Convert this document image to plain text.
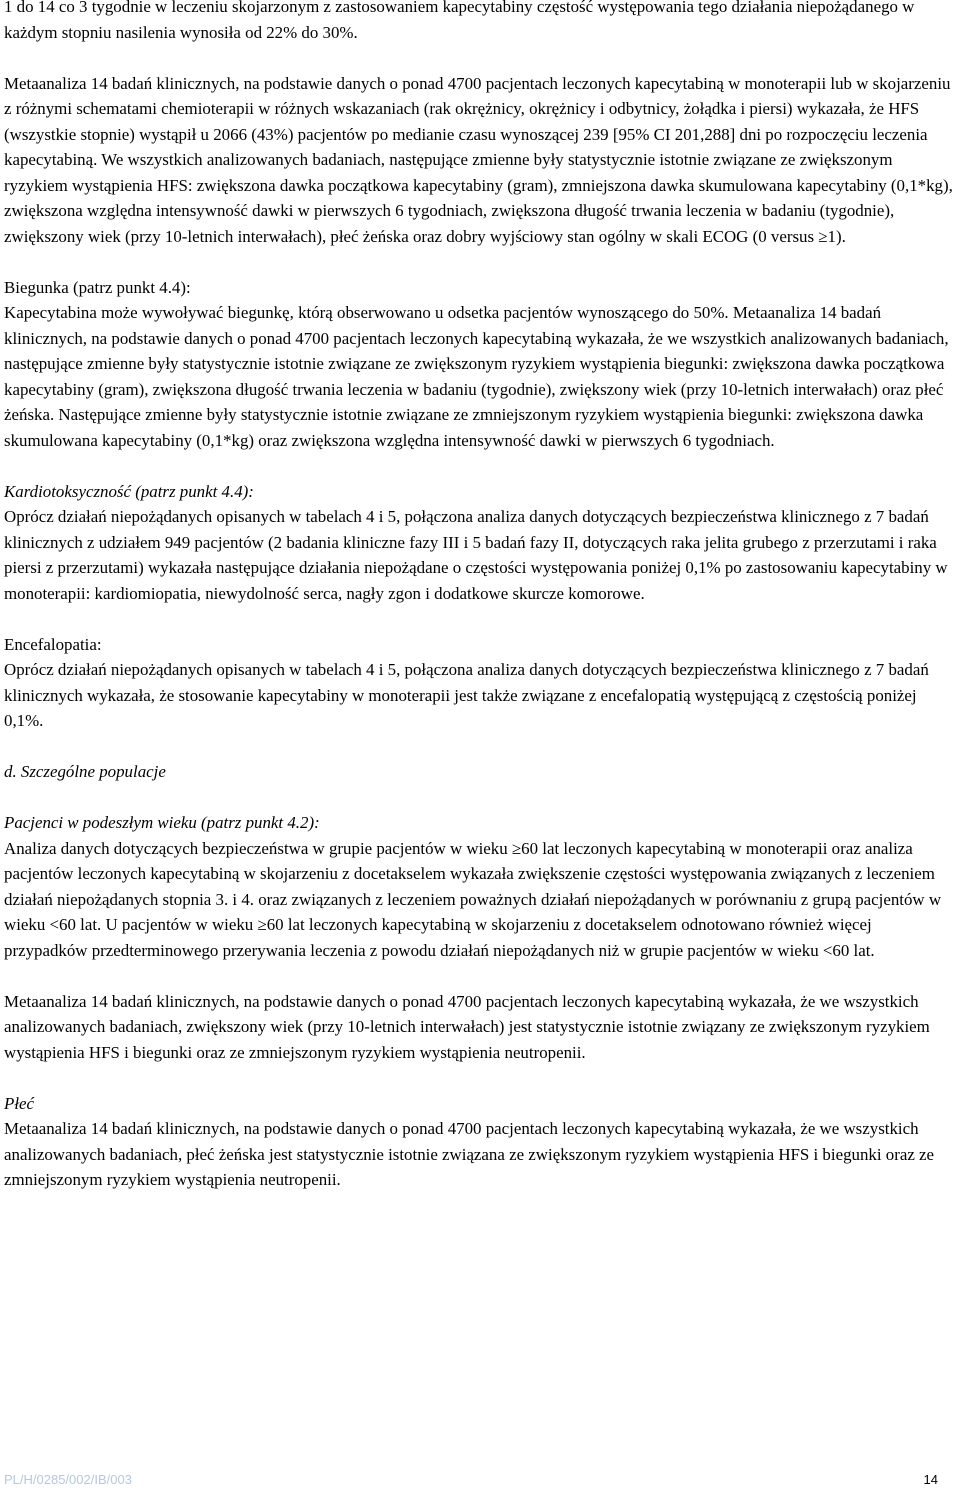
1 do 14 co 3 tygodnie w leczeniu skojarzonym z zastosowaniem kapecytabiny częstość występowania tego działania niepożądanego w każdym stopniu nasilenia wynosiła od 22% do 30%.

Metaanaliza 14 badań klinicznych, na podstawie danych o ponad 4700 pacjentach leczonych kapecytabiną w monoterapii lub w skojarzeniu z różnymi schematami chemioterapii w różnych wskazaniach (rak okrężnicy, okrężnicy i odbytnicy, żołądka i piersi) wykazała, że HFS (wszystkie stopnie) wystąpił u 2066 (43%) pacjentów po medianie czasu wynoszącej 239 [95% CI 201,288] dni po rozpoczęciu leczenia kapecytabiną. We wszystkich analizowanych badaniach, następujące zmienne były statystycznie istotnie związane ze zwiększonym ryzykiem wystąpienia HFS: zwiększona dawka początkowa kapecytabiny (gram), zmniejszona dawka skumulowana kapecytabiny (0,1*kg), zwiększona względna intensywność dawki w pierwszych 6 tygodniach, zwiększona długość trwania leczenia w badaniu (tygodnie), zwiększony wiek (przy 10-letnich interwałach), płeć żeńska oraz dobry wyjściowy stan ogólny w skali ECOG (0 versus ≥1).

Biegunka (patrz punkt 4.4):
Kapecytabina może wywoływać biegunkę, którą obserwowano u odsetka pacjentów wynoszącego do 50%. Metaanaliza 14 badań klinicznych, na podstawie danych o ponad 4700 pacjentach leczonych kapecytabiną wykazała, że we wszystkich analizowanych badaniach, następujące zmienne były statystycznie istotnie związane ze zwiększonym ryzykiem wystąpienia biegunki: zwiększona dawka początkowa kapecytabiny (gram), zwiększona długość trwania leczenia w badaniu (tygodnie), zwiększony wiek (przy 10-letnich interwałach) oraz płeć żeńska. Następujące zmienne były statystycznie istotnie związane ze zmniejszonym ryzykiem wystąpienia biegunki: zwiększona dawka skumulowana kapecytabiny (0,1*kg) oraz zwiększona względna intensywność dawki w pierwszych 6 tygodniach.

Kardiotoksyczność (patrz punkt 4.4):
Oprócz działań niepożądanych opisanych w tabelach 4 i 5, połączona analiza danych dotyczących bezpieczeństwa klinicznego z 7 badań klinicznych z udziałem 949 pacjentów (2 badania kliniczne fazy III i 5 badań fazy II, dotyczących raka jelita grubego z przerzutami i raka piersi z przerzutami) wykazała następujące działania niepożądane o częstości występowania poniżej 0,1% po zastosowaniu kapecytabiny w monoterapii: kardiomiopatia, niewydolność serca, nagły zgon i dodatkowe skurcze komorowe.

Encefalopatia:
Oprócz działań niepożądanych opisanych w tabelach 4 i 5, połączona analiza danych dotyczących bezpieczeństwa klinicznego z 7 badań klinicznych wykazała, że stosowanie kapecytabiny w monoterapii jest także związane z encefalopatią występującą z częstością poniżej 0,1%.

d. Szczególne populacje

Pacjenci w podeszłym wieku (patrz punkt 4.2):
Analiza danych dotyczących bezpieczeństwa w grupie pacjentów w wieku ≥60 lat leczonych kapecytabiną w monoterapii oraz analiza pacjentów leczonych kapecytabiną w skojarzeniu z docetakselem wykazała zwiększenie częstości występowania związanych z leczeniem działań niepożądanych stopnia 3. i 4. oraz związanych z leczeniem poważnych działań niepożądanych w porównaniu z grupą pacjentów w wieku <60 lat. U pacjentów w wieku ≥60 lat leczonych kapecytabiną w skojarzeniu z docetakselem odnotowano również więcej przypadków przedterminowego przerywania leczenia z powodu działań niepożądanych niż w grupie pacjentów w wieku <60 lat.

Metaanaliza 14 badań klinicznych, na podstawie danych o ponad 4700 pacjentach leczonych kapecytabiną wykazała, że we wszystkich analizowanych badaniach, zwiększony wiek (przy 10-letnich interwałach) jest statystycznie istotnie związany ze zwiększonym ryzykiem wystąpienia HFS i biegunki oraz ze zmniejszonym ryzykiem wystąpienia neutropenii.

Płeć
Metaanaliza 14 badań klinicznych, na podstawie danych o ponad 4700 pacjentach leczonych kapecytabiną wykazała, że we wszystkich analizowanych badaniach, płeć żeńska jest statystycznie istotnie związana ze zwiększonym ryzykiem wystąpienia HFS i biegunki oraz ze zmniejszonym ryzykiem wystąpienia neutropenii.

PL/H/0285/002/IB/003	14
